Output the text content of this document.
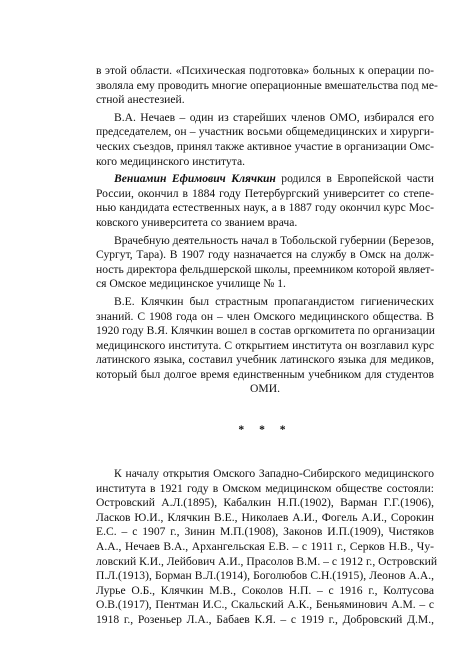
в этой области. «Психическая подготовка» больных к операции по-
зволяла ему проводить многие операционные вмешательства под ме-
стной анестезией.
В.А. Нечаев – один из старейших членов ОМО, избирался его
председателем, он – участник восьми общемедицинских и хирурги-
ческих съездов, принял также активное участие в организации Омс-
кого медицинского института.
Вениамин Ефимович Клячкин родился в Европейской части
России, окончил в 1884 году Петербургский университет со степе-
нью кандидата естественных наук, а в 1887 году окончил курс Мос-
ковского университета со званием врача.
Врачебную деятельность начал в Тобольской губернии (Березов,
Сургут, Тара). В 1907 году назначается на службу в Омск на долж-
ность директора фельдшерской школы, преемником которой являет-
ся Омское медицинское училище № 1.
В.Е. Клячкин был страстным пропагандистом гигиенических
знаний. С 1908 года он – член Омского медицинского общества. В
1920 году В.Я. Клячкин вошел в состав оргкомитета по организации
медицинского института. С открытием института он возглавил курс
латинского языка, составил учебник латинского языка для медиков,
который был долгое время единственным учебником для студентов
ОМИ.
* * *
К началу открытия Омского Западно-Сибирского медицинского
института в 1921 году в Омском медицинском обществе состояли:
Островский А.Л.(1895), Кабалкин Н.П.(1902), Варман Г.Г.(1906),
Ласков Ю.И., Клячкин В.Е., Николаев А.И., Фогель А.И., Сорокин
Е.С. – с 1907 г., Зинин М.П.(1908), Законов И.П.(1909), Чистяков
А.А., Нечаев В.А., Архангельская Е.В. – с 1911 г., Серков Н.В., Чу-
ловский К.И., Лейбович А.И., Прасолов В.М. – с 1912 г., Островский
П.Л.(1913), Борман В.Л.(1914), Боголюбов С.Н.(1915), Леонов А.А.,
Лурье О.Б., Клячкин М.В., Соколов Н.П. – с 1916 г., Колтусова
О.В.(1917), Пентман И.С., Скальский А.К., Беньяминович А.М. – с
1918 г., Розеньер Л.А., Бабаев К.Я. – с 1919 г., Добровский Д.М.,
